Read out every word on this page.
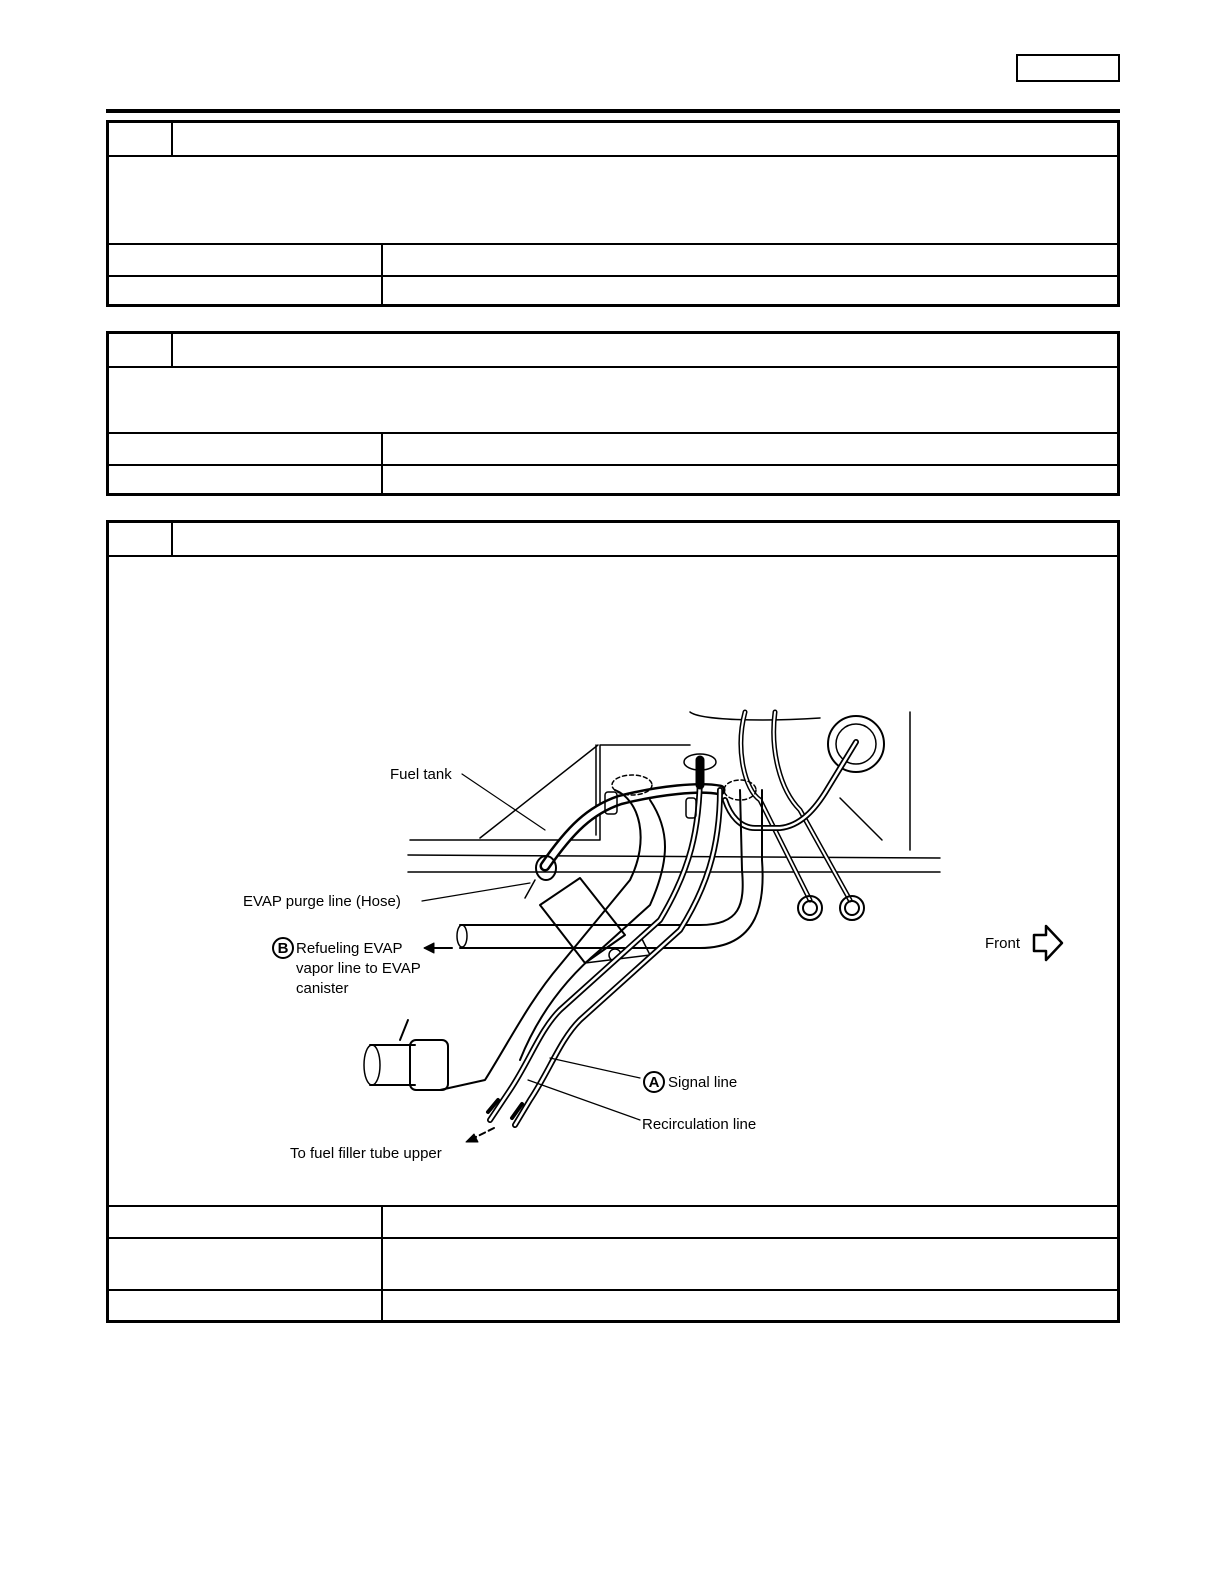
B
A
Fuel tank
EVAP purge line (Hose)
Refueling EVAP
vapor line to EVAP
canister
Signal line
Recirculation line
To fuel filler tube upper
Front
